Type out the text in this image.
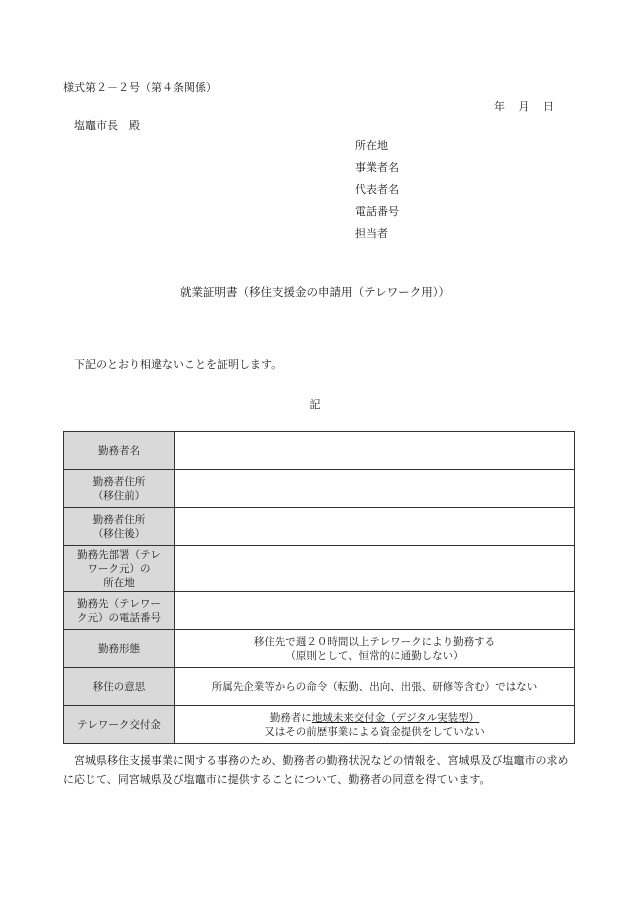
様式第２－２号（第４条関係）
年 月 日
塩竈市長　殿
所在地
事業者名
代表者名
電話番号
担当者
就業証明書（移住支援金の申請用（テレワーク用））
下記のとおり相違ないことを証明します。
記
勤務者名	

勤務者住所
（移住前）	

勤務者住所
（移住後）	

勤務先部署（テレ
ワーク元）の
所在地	

勤務先（テレワー
ク元）の電話番号	

勤務形態	移住先で週２０時間以上テレワークにより勤務する
（原則として、恒常的に通勤しない）

移住の意思	所属先企業等からの命令（転勤、出向、出張、研修等含む）ではない

テレワーク交付金	勤務者に地域未来交付金（デジタル実装型）
又はその前歴事業による資金提供をしていない
宮城県移住支援事業に関する事務のため、勤務者の勤務状況などの情報を、宮城県及び塩竈市の求めに応じて、同宮城県及び塩竈市に提供することについて、勤務者の同意を得ています。
